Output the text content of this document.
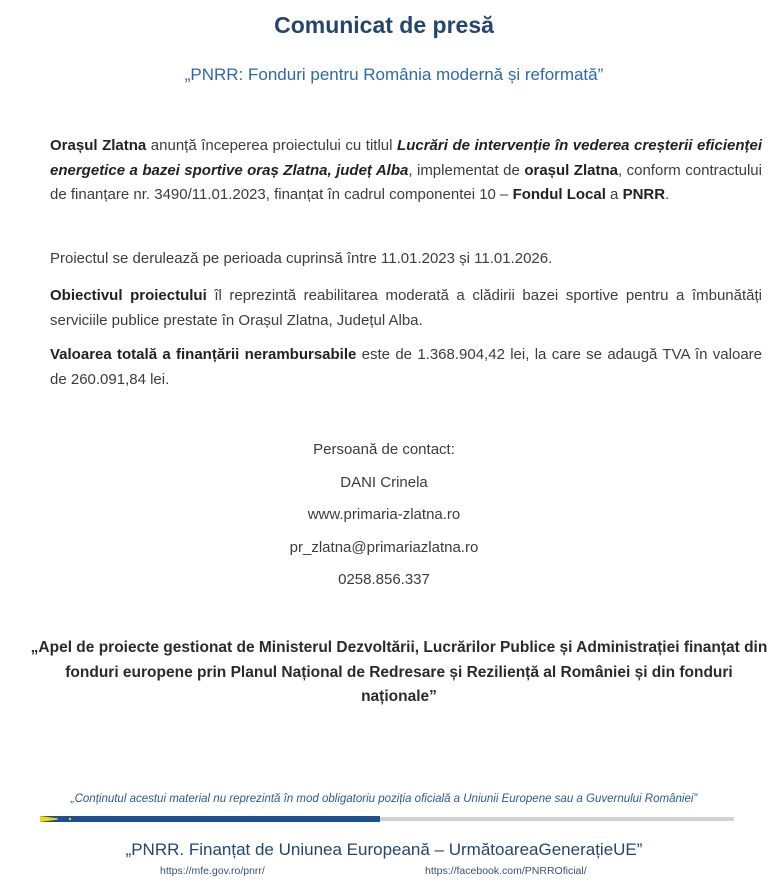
Comunicat de presă
„PNRR: Fonduri pentru România modernă și reformată”
Orașul Zlatna anunță începerea proiectului cu titlul Lucrări de intervenție în vederea creșterii eficienței energetice a bazei sportive oraș Zlatna, județ Alba, implementat de orașul Zlatna, conform contractului de finanțare nr. 3490/11.01.2023, finanțat în cadrul componentei 10 – Fondul Local a PNRR.
Proiectul se derulează pe perioada cuprinsă între 11.01.2023 și 11.01.2026.
Obiectivul proiectului îl reprezintă reabilitarea moderată a clădirii bazei sportive pentru a îmbunătăți serviciile publice prestate în Orașul Zlatna, Județul Alba.
Valoarea totală a finanțării nerambursabile este de 1.368.904,42 lei, la care se adaugă TVA în valoare de 260.091,84 lei.
Persoană de contact:
DANI Crinela
www.primaria-zlatna.ro
pr_zlatna@primariazlatna.ro
0258.856.337
„Apel de proiecte gestionat de Ministerul Dezvoltării, Lucrărilor Publice și Administrației finanțat din fonduri europene prin Planul Național de Redresare și Reziliență al României și din fonduri naționale”
„Conținutul acestui material nu reprezintă în mod obligatoriu poziția oficială a Uniunii Europene sau a Guvernului României”
„PNRR. Finanțat de Uniunea Europeană – UrmătoareaGenerațieUE”
https://mfe.gov.ro/pnrr/	https://facebook.com/PNRROficial/
